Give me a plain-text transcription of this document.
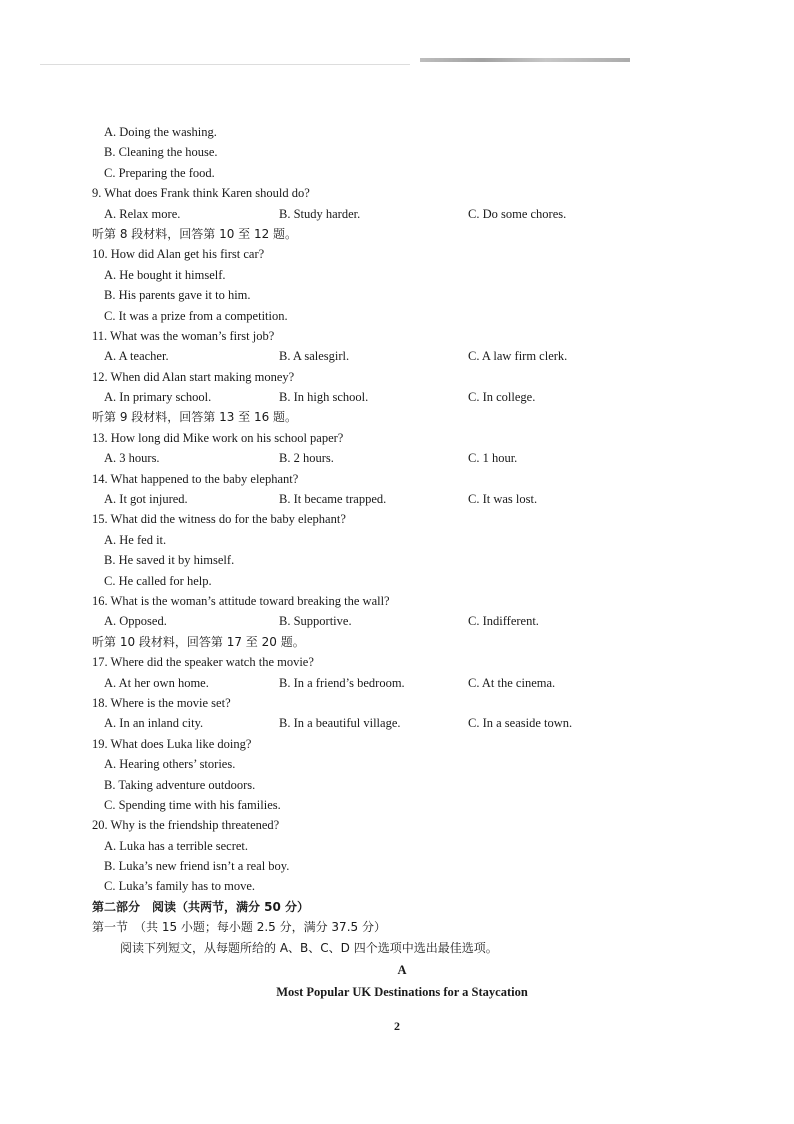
A. Doing the washing.
B. Cleaning the house.
C. Preparing the food.
9. What does Frank think Karen should do?
A. Relax more.	B. Study harder.	C. Do some chores.
听第 8 段材料，回答第 10 至 12 题。
10. How did Alan get his first car?
A. He bought it himself.
B. His parents gave it to him.
C. It was a prize from a competition.
11. What was the woman’s first job?
A. A teacher.	B. A salesgirl.	C. A law firm clerk.
12. When did Alan start making money?
A. In primary school.	B. In high school.	C. In college.
听第 9 段材料，回答第 13 至 16 题。
13. How long did Mike work on his school paper?
A. 3 hours.	B. 2 hours.	C. 1 hour.
14. What happened to the baby elephant?
A. It got injured.	B. It became trapped.	C. It was lost.
15. What did the witness do for the baby elephant?
A. He fed it.
B. He saved it by himself.
C. He called for help.
16. What is the woman’s attitude toward breaking the wall?
A. Opposed.	B. Supportive.	C. Indifferent.
听第 10 段材料，回答第 17 至 20 题。
17. Where did the speaker watch the movie?
A. At her own home.	B. In a friend’s bedroom.	C. At the cinema.
18. Where is the movie set?
A. In an inland city.	B. In a beautiful village.	C. In a seaside town.
19. What does Luka like doing?
A. Hearing others’ stories.
B. Taking adventure outdoors.
C. Spending time with his families.
20. Why is the friendship threatened?
A. Luka has a terrible secret.
B. Luka’s new friend isn’t a real boy.
C. Luka’s family has to move.
第二部分　阅读（共两节，满分 50 分）
第一节　（共 15 小题；每小题 2.5 分，满分 37.5 分）
阅读下列短文，从每题所给的 A、B、C、D 四个选项中选出最佳选项。
A
Most Popular UK Destinations for a Staycation
2
